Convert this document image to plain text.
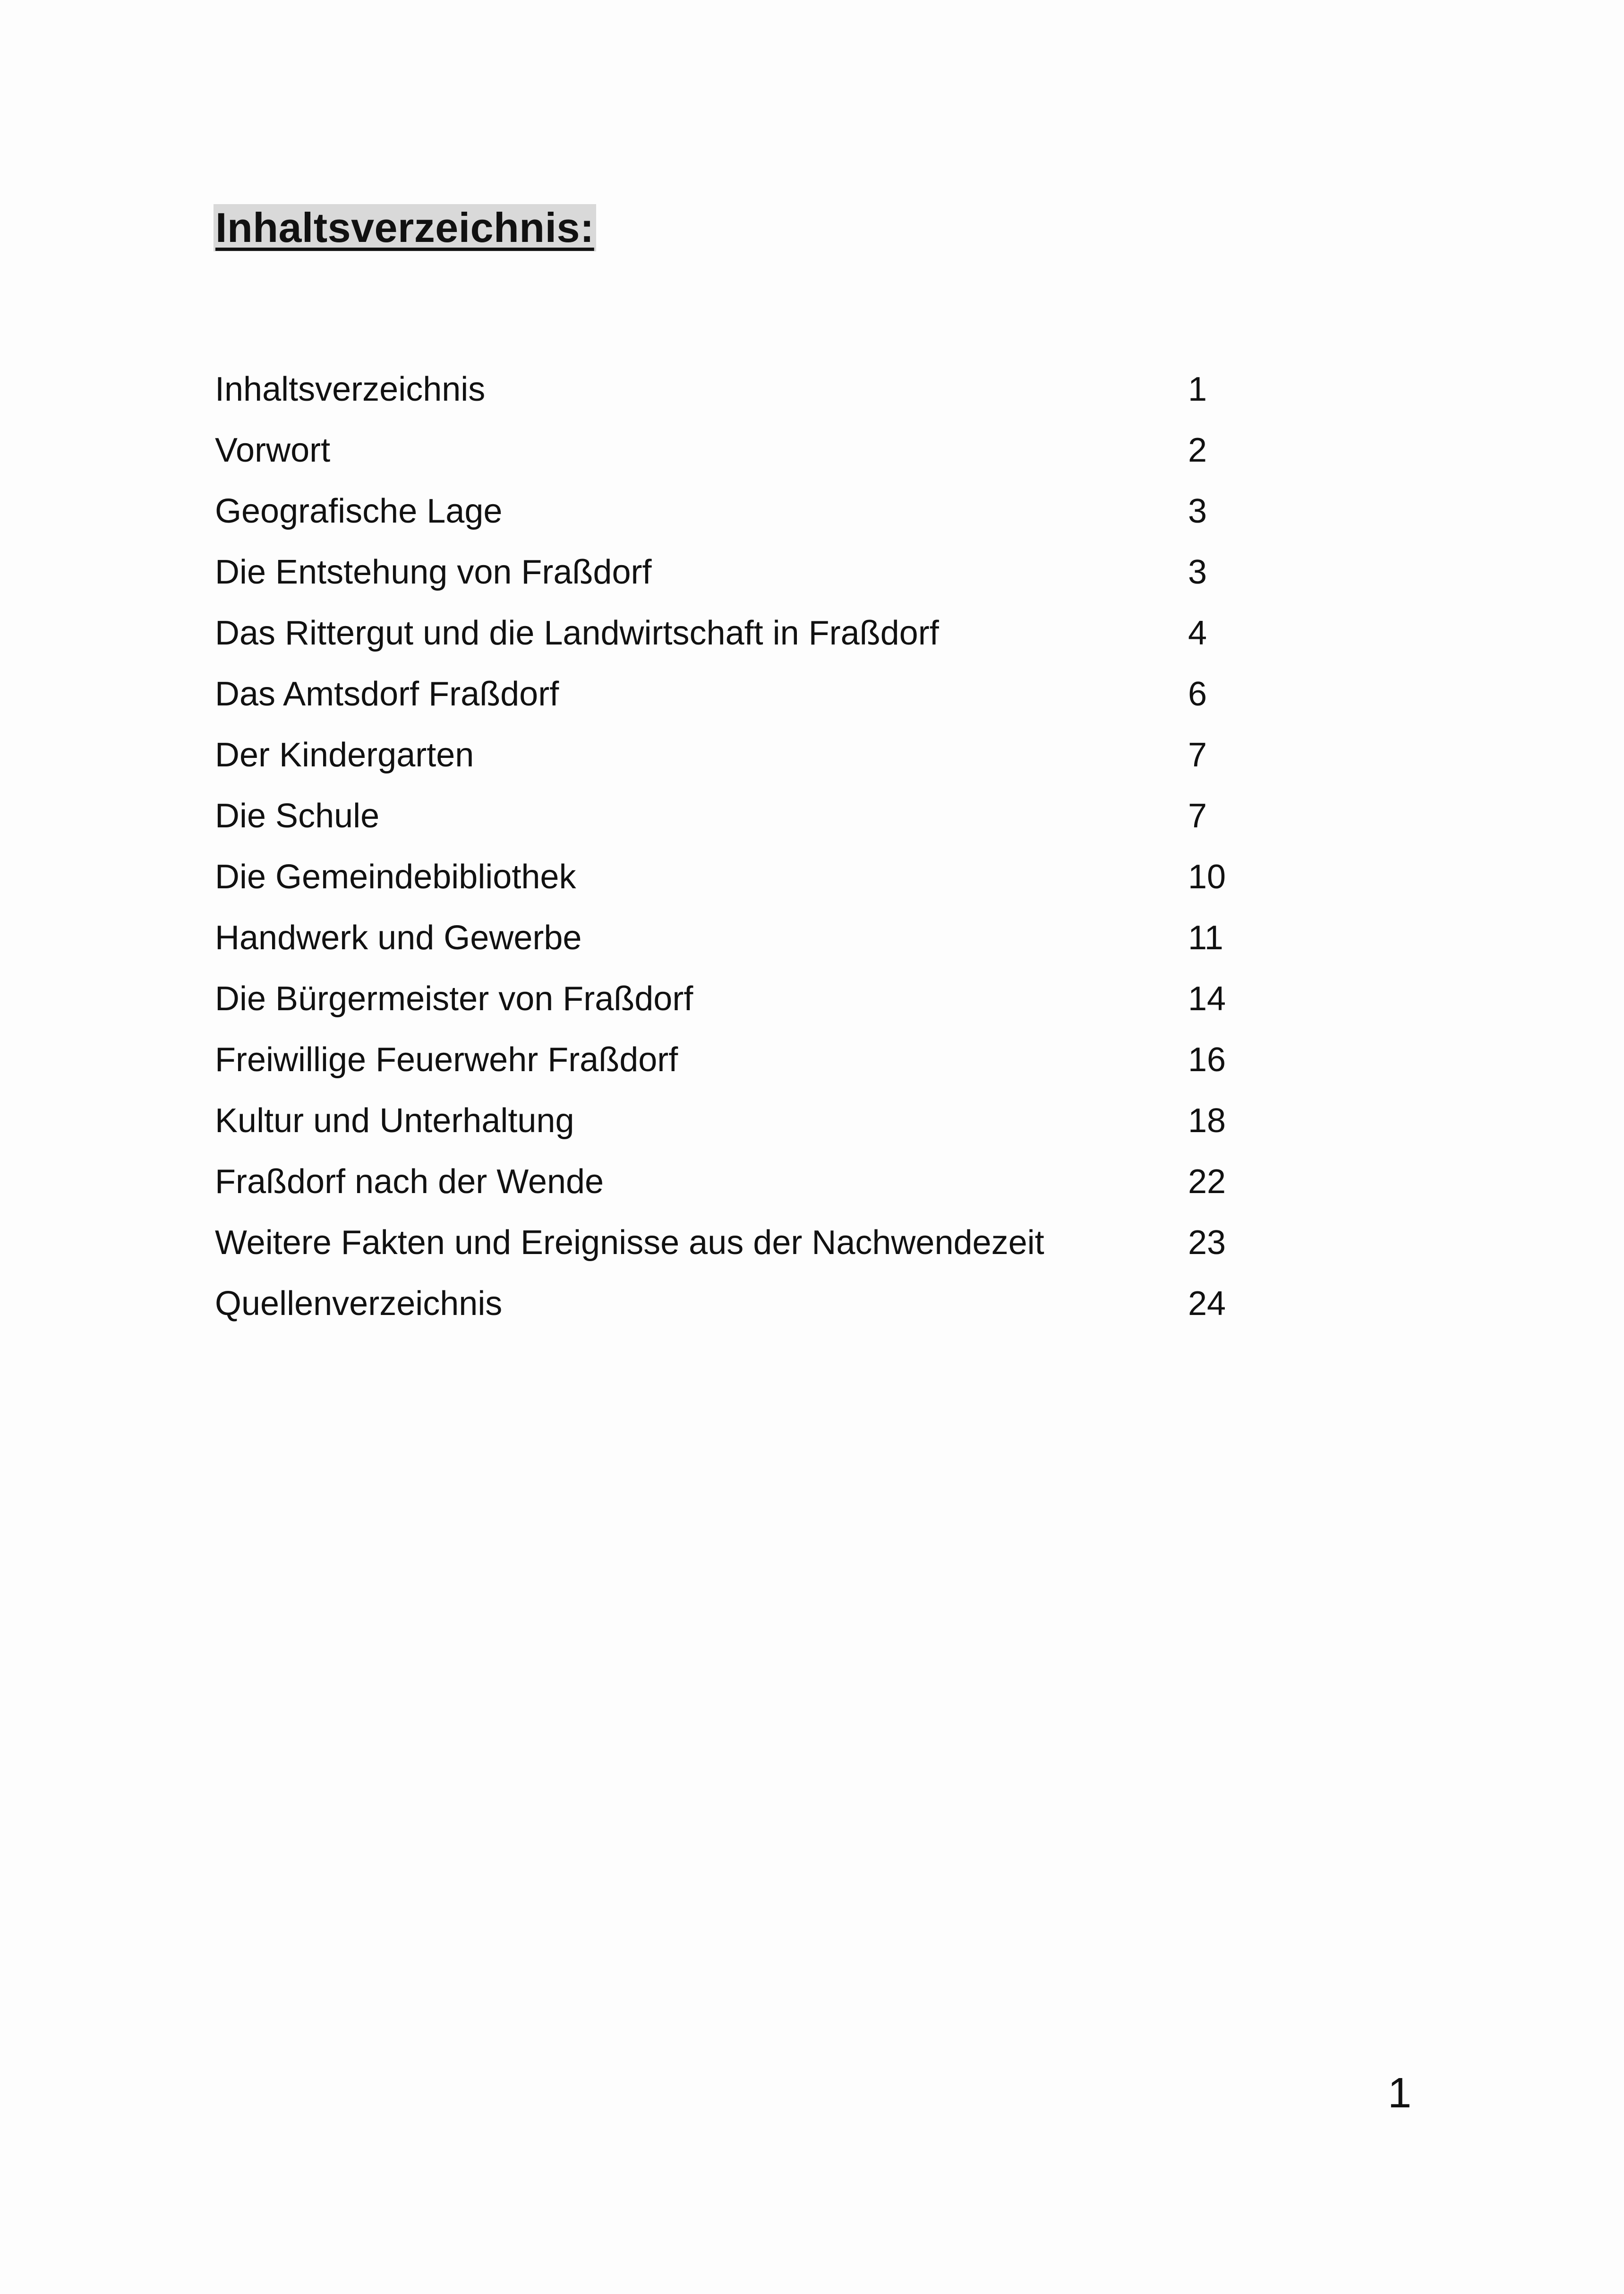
Inhaltsverzeichnis:
Inhaltsverzeichnis	1
Vorwort	2
Geografische Lage	3
Die Entstehung von Fraßdorf	3
Das Rittergut und die Landwirtschaft in Fraßdorf	4
Das Amtsdorf Fraßdorf	6
Der Kindergarten	7
Die Schule	7
Die Gemeindebibliothek	10
Handwerk und Gewerbe	11
Die Bürgermeister von Fraßdorf	14
Freiwillige Feuerwehr Fraßdorf	16
Kultur und Unterhaltung	18
Fraßdorf nach der Wende	22
Weitere Fakten und Ereignisse aus der Nachwendezeit	23
Quellenverzeichnis	24
1
